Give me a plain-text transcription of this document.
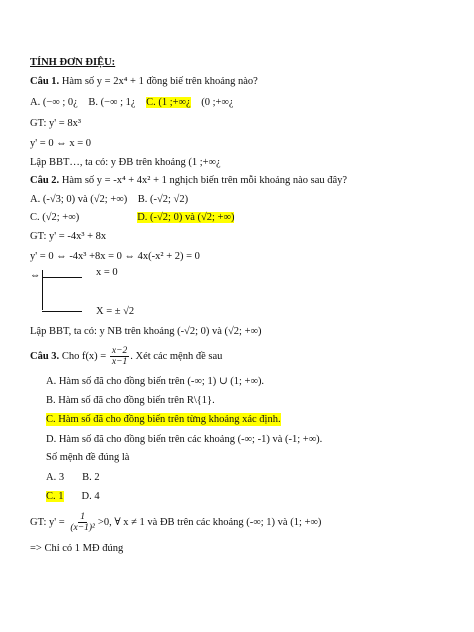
TÍNH ĐƠN ĐIỆU:
Câu 1. Hàm số y = 2x⁴ + 1 đồng biế trên khoảng nào?
A. (−∞ ; 0¿ B. (−∞ ; 1¿ C. (1 ;+∞¿ (0 ;+∞¿
GT: y' = 8x³
y' = 0 ⇔ x = 0
Lập BBT…, ta có: y ĐB trên khoảng (1 ;+∞¿
Câu 2. Hàm số y = -x⁴ + 4x² + 1 nghịch biến trên mỗi khoảng nào sau đây?
A. (-√3; 0) và (√2; +∞) B. (-√2; √2)
C. (√2; +∞)	D. (-√2; 0) và (√2; +∞)
GT: y' = -4x³ + 8x
y' = 0 ⇔ -4x³ +8x = 0 ⇔ 4x(-x² + 2) = 0
⇔	x = 0
X = ± √2
Lập BBT, ta có: y NB trên khoảng (-√2; 0) và (√2; +∞)
Câu 3. Cho $f(x) = \frac{x-2}{x-1}$ . Xét các mệnh đề sau
A. Hàm số đã cho đồng biến trên (-∞; 1) ∪ (1; +∞).
B. Hàm số đã cho đồng biến trên R\{1}.
C. Hàm số đã cho đồng biến trên từng khoảng xác định.
D. Hàm số đã cho đồng biến trên các khoảng (-∞; -1) và (-1; +∞).
Số mệnh đề đúng là
A. 3 B. 2
C. 1 D. 4
GT: $y' = \frac{1}{\text{(x−1)²}} >0$, ∀ x ≠ 1 và ĐB trên các khoảng (-∞; 1) và (1; +∞)
=> Chỉ có 1 MĐ đúng
